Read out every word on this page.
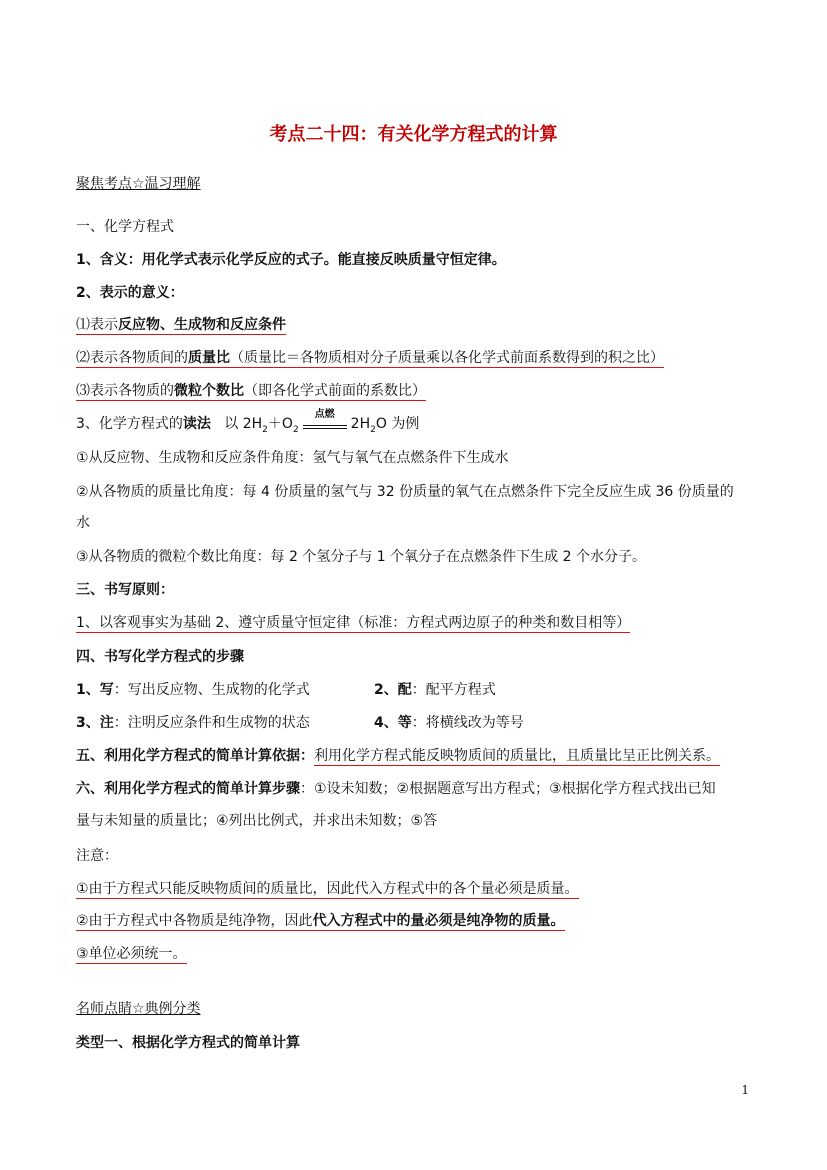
考点二十四：有关化学方程式的计算
聚焦考点☆温习理解
一、化学方程式
1、含义：用化学式表示化学反应的式子。能直接反映质量守恒定律。
2、表示的意义：
⑴表示反应物、生成物和反应条件
⑵表示各物质间的质量比（质量比＝各物质相对分子质量乘以各化学式前面系数得到的积之比）
⑶表示各物质的微粒个数比（即各化学式前面的系数比）
3、化学方程式的读法 以 $2H_2+O_2$
点燃
$2H_2O$ 为例
①从反应物、生成物和反应条件角度：氢气与氧气在点燃条件下生成水
②从各物质的质量比角度：每 4 份质量的氢气与 32 份质量的氧气在点燃条件下完全反应生成 36 份质量的
水
③从各物质的微粒个数比角度：每 2 个氢分子与 1 个氧分子在点燃条件下生成 2 个水分子。
三、书写原则：
1、以客观事实为基础 2、遵守质量守恒定律（标准：方程式两边原子的种类和数目相等）
四、书写化学方程式的步骤
1、写：写出反应物、生成物的化学式	2、配：配平方程式
3、注：注明反应条件和生成物的状态	4、等：将横线改为等号
五、利用化学方程式的简单计算依据：利用化学方程式能反映物质间的质量比，且质量比呈正比例关系。
六、利用化学方程式的简单计算步骤：①设未知数；②根据题意写出方程式；③根据化学方程式找出已知
量与未知量的质量比；④列出比例式，并求出未知数；⑤答
注意：
①由于方程式只能反映物质间的质量比，因此代入方程式中的各个量必须是质量。
②由于方程式中各物质是纯净物，因此代入方程式中的量必须是纯净物的质量。
③单位必须统一。
名师点睛☆典例分类
类型一、根据化学方程式的简单计算
1
